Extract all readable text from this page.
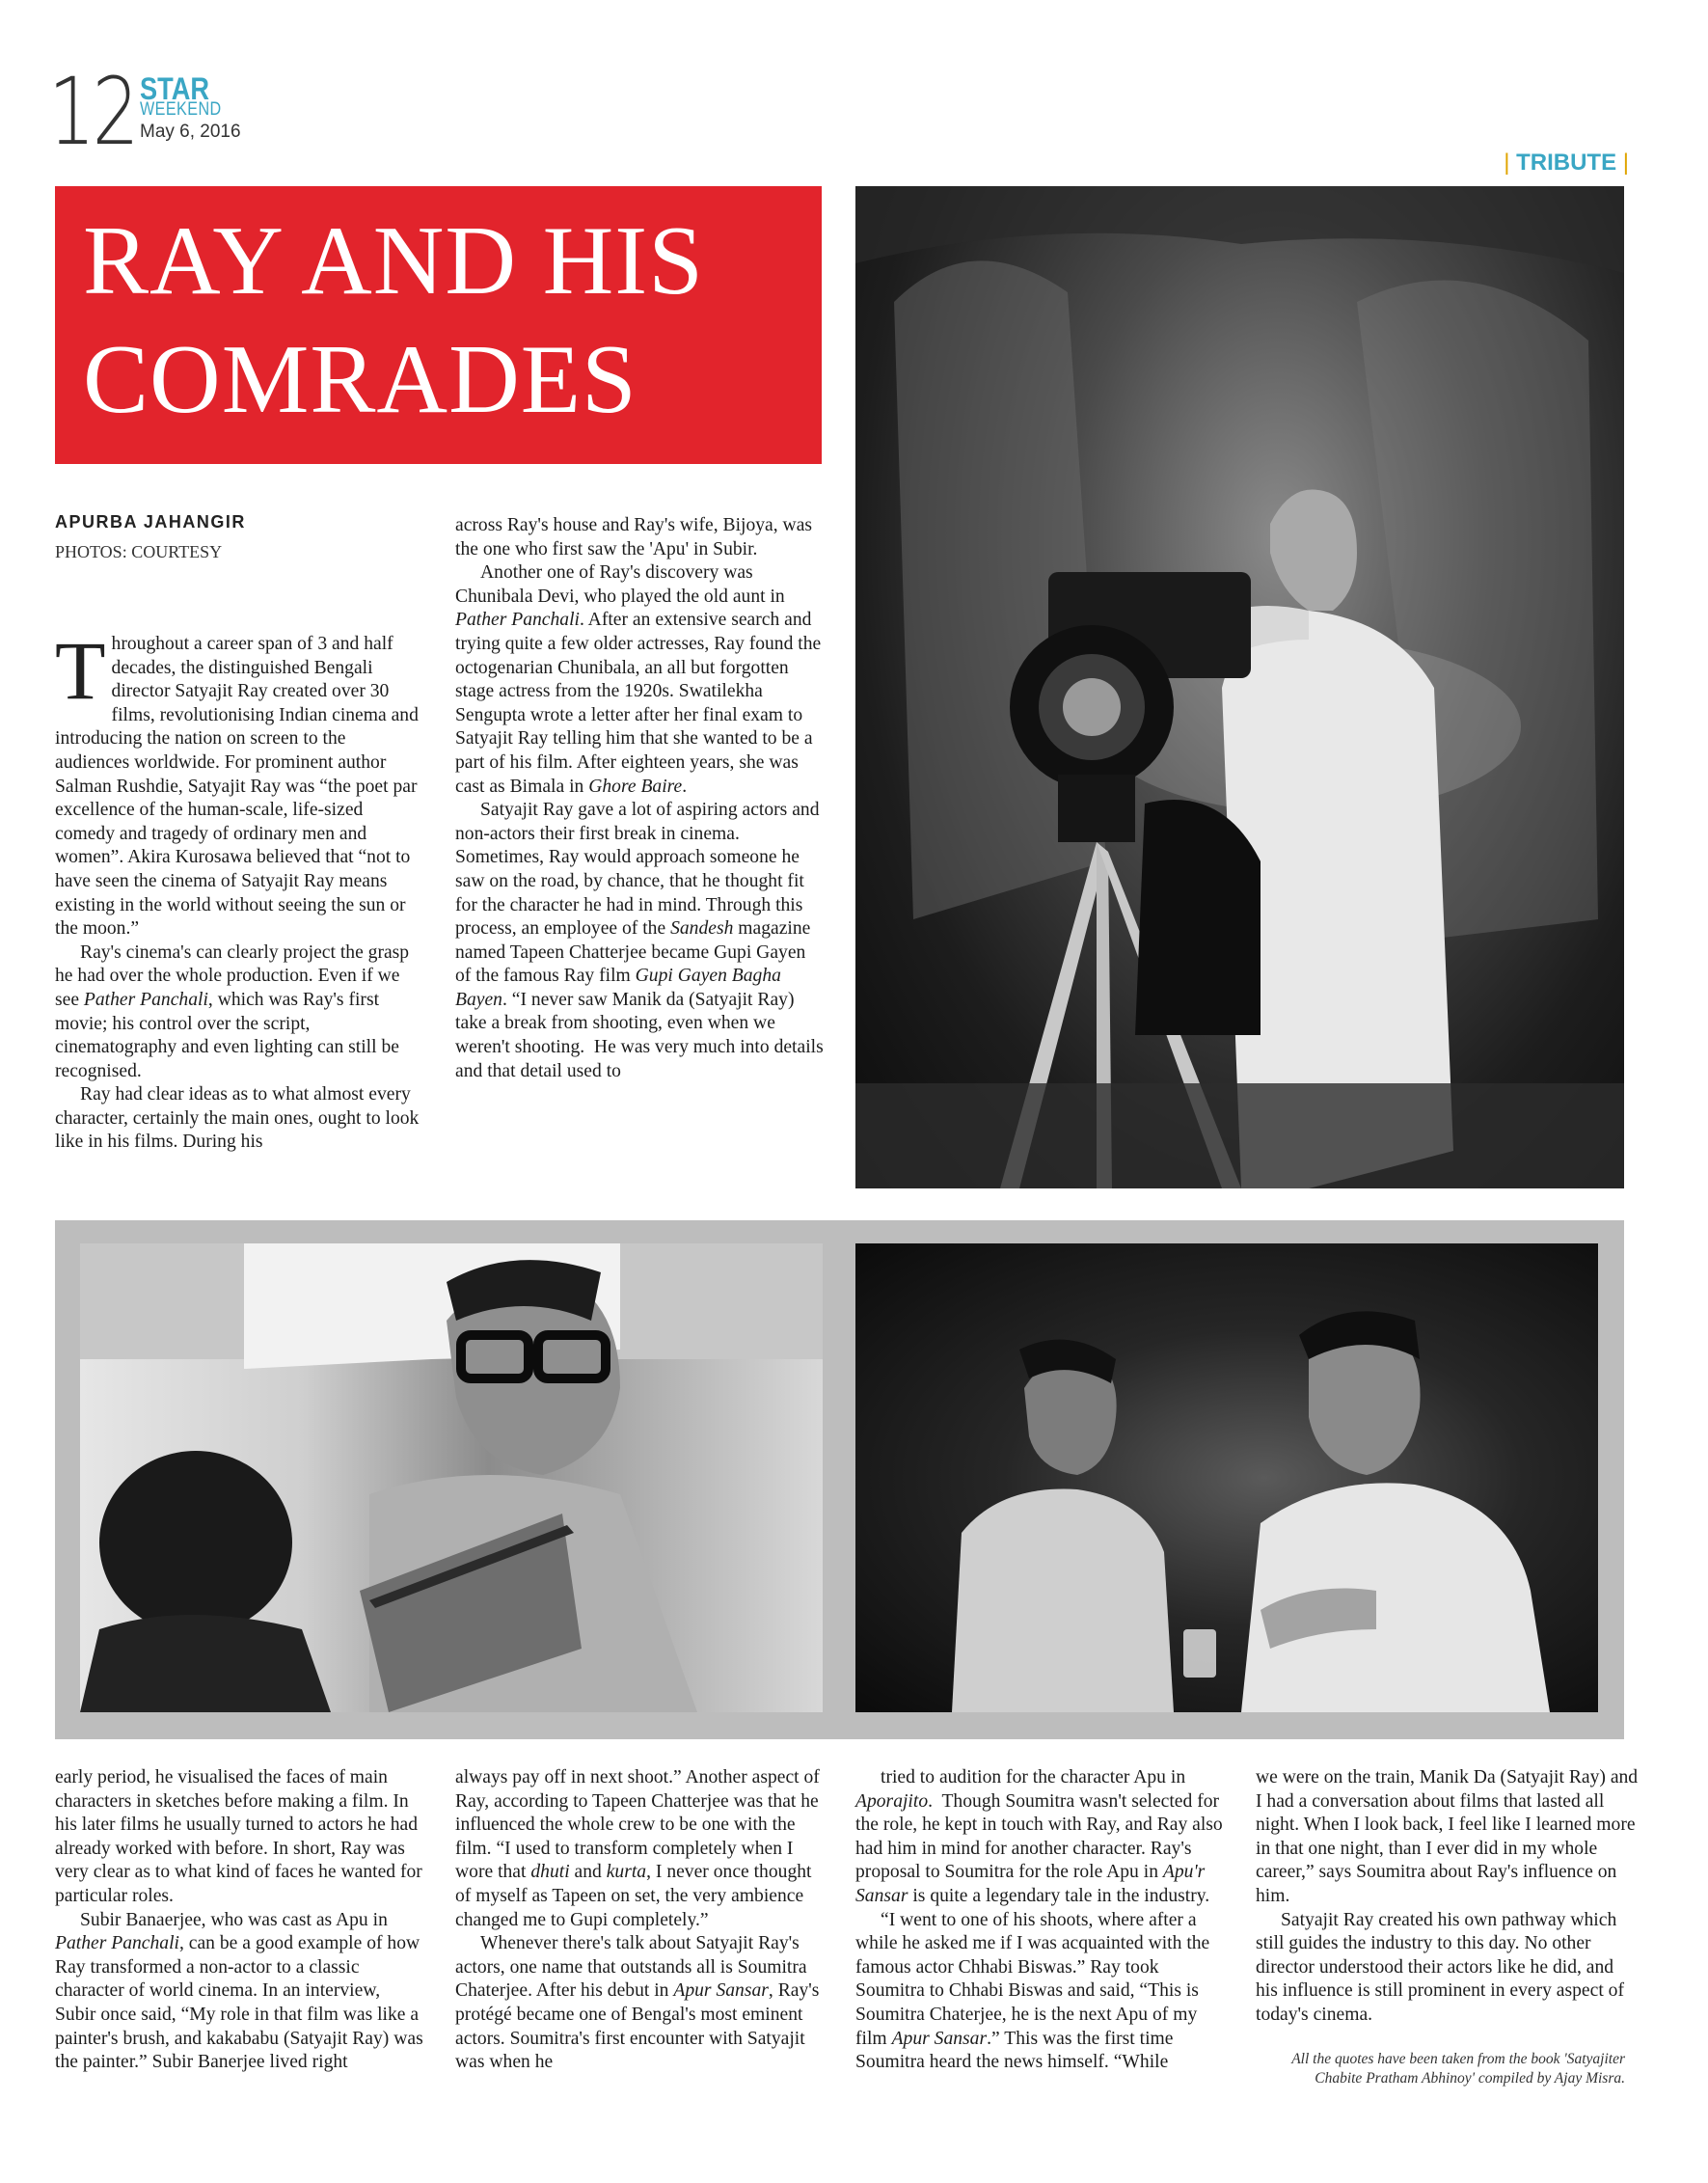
12 STAR
WEEKEND
May 6, 2016
| TRIBUTE |
RAY AND HIS
COMRADES
APURBA JAHANGIR
PHOTOS: COURTESY

Throughout a career span of 3 and half decades, the distinguished Bengali director Satyajit Ray created over 30 films, revolutionising Indian cinema and introducing the nation on screen to the audiences worldwide. For prominent author Salman Rushdie, Satyajit Ray was “the poet par excellence of the human-scale, life-sized comedy and tragedy of ordinary men and women”. Akira Kurosawa believed that “not to have seen the cinema of Satyajit Ray means existing in the world without seeing the sun or the moon.”

Ray's cinema's can clearly project the grasp he had over the whole production. Even if we see Pather Panchali, which was Ray's first movie; his control over the script, cinematography and even lighting can still be recognised.

Ray had clear ideas as to what almost every character, certainly the main ones, ought to look like in his films. During his

across Ray's house and Ray's wife, Bijoya, was the one who first saw the 'Apu' in Subir.

Another one of Ray's discovery was Chunibala Devi, who played the old aunt in Pather Panchali. After an extensive search and trying quite a few older actresses, Ray found the octogenarian Chunibala, an all but forgotten stage actress from the 1920s. Swatilekha Sengupta wrote a letter after her final exam to Satyajit Ray telling him that she wanted to be a part of his film. After eighteen years, she was cast as Bimala in Ghore Baire.

Satyajit Ray gave a lot of aspiring actors and non-actors their first break in cinema. Sometimes, Ray would approach someone he saw on the road, by chance, that he thought fit for the character he had in mind. Through this process, an employee of the Sandesh magazine named Tapeen Chatterjee became Gupi Gayen of the famous Ray film Gupi Gayen Bagha Bayen. “I never saw Manik da (Satyajit Ray) take a break from shooting, even when we weren't shooting.  He was very much into details and that detail used to

early period, he visualised the faces of main characters in sketches before making a film. In his later films he usually turned to actors he had already worked with before. In short, Ray was very clear as to what kind of faces he wanted for particular roles.

Subir Banaerjee, who was cast as Apu in Pather Panchali, can be a good example of how Ray transformed a non-actor to a classic character of world cinema. In an interview, Subir once said, “My role in that film was like a painter's brush, and kakababu (Satyajit Ray) was the painter.” Subir Banerjee lived right

always pay off in next shoot.” Another aspect of Ray, according to Tapeen Chatterjee was that he influenced the whole crew to be one with the film. “I used to transform completely when I wore that dhuti and kurta, I never once thought of myself as Tapeen on set, the very ambience changed me to Gupi completely.”

Whenever there's talk about Satyajit Ray's actors, one name that outstands all is Soumitra Chaterjee. After his debut in Apur Sansar, Ray's protégé became one of Bengal's most eminent actors. Soumitra's first encounter with Satyajit was when he

tried to audition for the character Apu in Aporajito.  Though Soumitra wasn't selected for the role, he kept in touch with Ray, and Ray also had him in mind for another character. Ray's proposal to Soumitra for the role Apu in Apu'r Sansar is quite a legendary tale in the industry.

“I went to one of his shoots, where after a while he asked me if I was acquainted with the famous actor Chhabi Biswas.” Ray took Soumitra to Chhabi Biswas and said, “This is Soumitra Chaterjee, he is the next Apu of my film Apur Sansar.” This was the first time Soumitra heard the news himself. “While

we were on the train, Manik Da (Satyajit Ray) and I had a conversation about films that lasted all night. When I look back, I feel like I learned more in that one night, than I ever did in my whole career,” says Soumitra about Ray's influence on him.

Satyajit Ray created his own pathway which still guides the industry to this day. No other director understood their actors like he did, and his influence is still prominent in every aspect of today's cinema.

All the quotes have been taken from the book 'Satyajiter Chabite Pratham Abhinoy' compiled by Ajay Misra.
